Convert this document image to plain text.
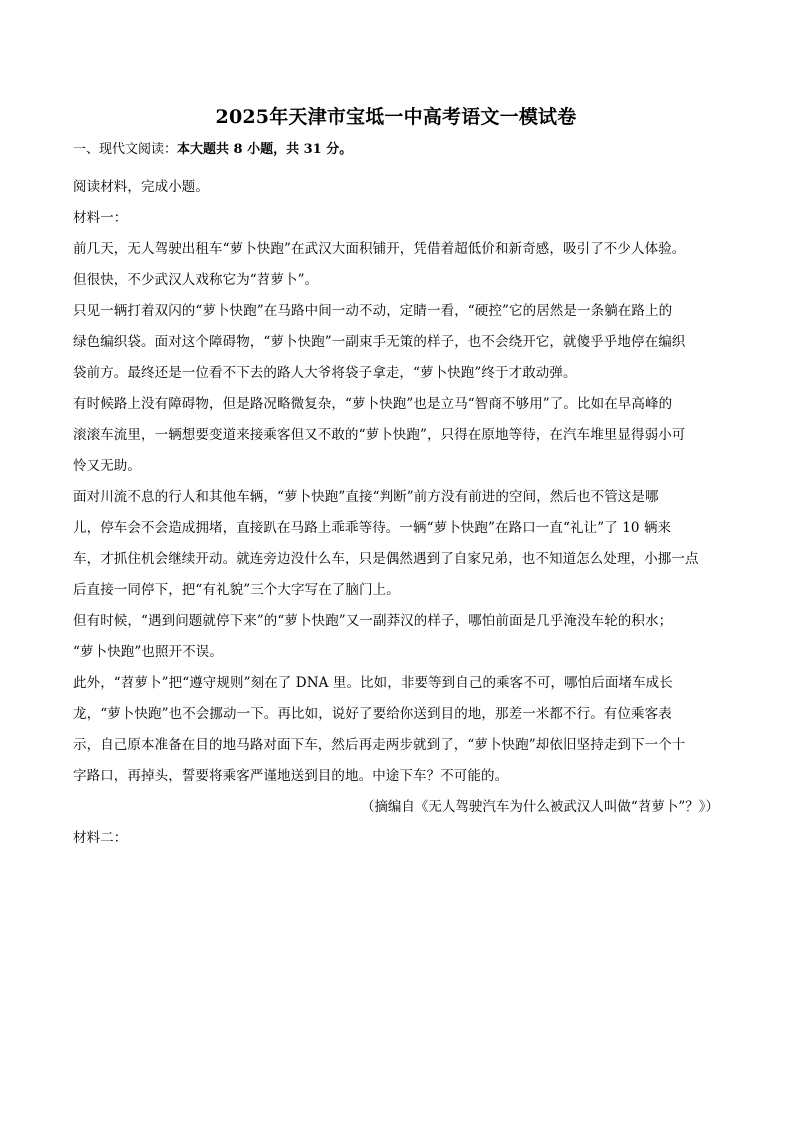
2025年天津市宝坻一中高考语文一模试卷
一、现代文阅读：本大题共 8 小题，共 31 分。
阅读材料，完成小题。
材料一：
前几天，无人驾驶出租车“萝卜快跑”在武汉大面积铺开，凭借着超低价和新奇感，吸引了不少人体验。
但很快，不少武汉人戏称它为“苕萝卜”。
只见一辆打着双闪的“萝卜快跑”在马路中间一动不动，定睛一看，“硬控”它的居然是一条躺在路上的
绿色编织袋。面对这个障碍物，“萝卜快跑”一副束手无策的样子，也不会绕开它，就傻乎乎地停在编织
袋前方。最终还是一位看不下去的路人大爷将袋子拿走，“萝卜快跑”终于才敢动弹。
有时候路上没有障碍物，但是路况略微复杂，“萝卜快跑”也是立马“智商不够用”了。比如在早高峰的
滚滚车流里，一辆想要变道来接乘客但又不敢的“萝卜快跑”，只得在原地等待，在汽车堆里显得弱小可
怜又无助。
面对川流不息的行人和其他车辆，“萝卜快跑”直接“判断”前方没有前进的空间，然后也不管这是哪
儿，停车会不会造成拥堵，直接趴在马路上乖乖等待。一辆“萝卜快跑”在路口一直“礼让”了 10 辆来
车，才抓住机会继续开动。就连旁边没什么车，只是偶然遇到了自家兄弟，也不知道怎么处理，小挪一点
后直接一同停下，把“有礼貌”三个大字写在了脑门上。
但有时候，“遇到问题就停下来”的“萝卜快跑”又一副莽汉的样子，哪怕前面是几乎淹没车轮的积水；
“萝卜快跑”也照开不误。
此外，“苕萝卜”把“遵守规则”刻在了 DNA 里。比如，非要等到自己的乘客不可，哪怕后面堵车成长
龙，“萝卜快跑”也不会挪动一下。再比如，说好了要给你送到目的地，那差一米都不行。有位乘客表
示，自己原本准备在目的地马路对面下车，然后再走两步就到了，“萝卜快跑”却依旧坚持走到下一个十
字路口，再掉头，誓要将乘客严谨地送到目的地。中途下车？不可能的。
（摘编自《无人驾驶汽车为什么被武汉人叫做“苕萝卜”？》）
材料二：
